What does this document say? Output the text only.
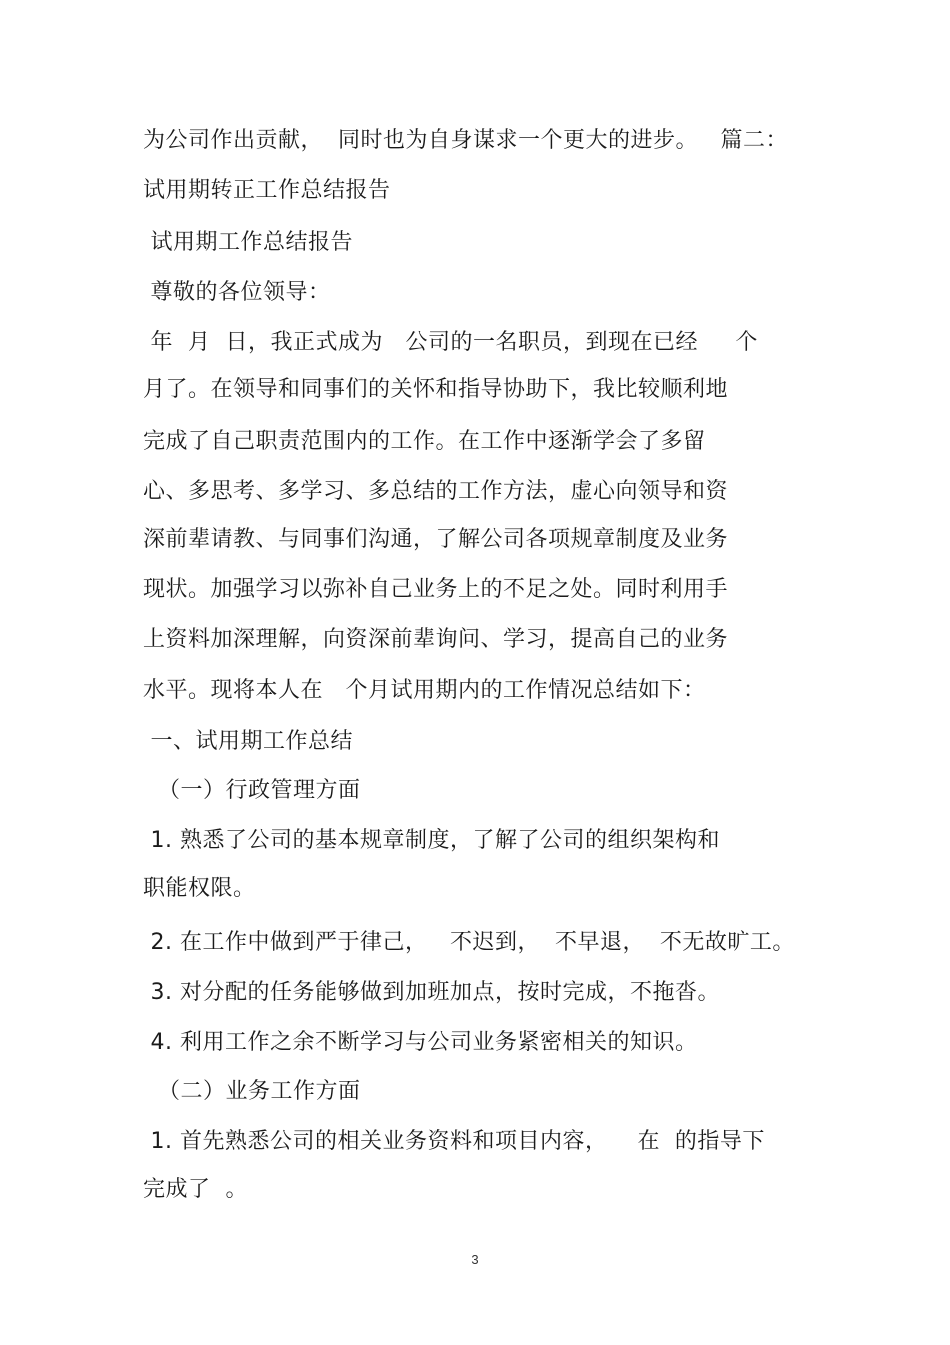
为公司作出贡献，  同时也为自身谋求一个更大的进步。   篇二：
试用期转正工作总结报告
试用期工作总结报告
尊敬的各位领导：
年  月  日，我正式成为   公司的一名职员，到现在已经     个
月了。在领导和同事们的关怀和指导协助下，我比较顺利地
完成了自己职责范围内的工作。在工作中逐渐学会了多留
心、多思考、多学习、多总结的工作方法，虚心向领导和资
深前辈请教、与同事们沟通，了解公司各项规章制度及业务
现状。加强学习以弥补自己业务上的不足之处。同时利用手
上资料加深理解，向资深前辈询问、学习，提高自己的业务
水平。现将本人在   个月试用期内的工作情况总结如下：
一、试用期工作总结
（一）行政管理方面
1. 熟悉了公司的基本规章制度，了解了公司的组织架构和
职能权限。
2. 在工作中做到严于律己，   不迟到，  不早退，  不无故旷工。
3. 对分配的任务能够做到加班加点，按时完成，不拖沓。
4. 利用工作之余不断学习与公司业务紧密相关的知识。
（二）业务工作方面
1. 首先熟悉公司的相关业务资料和项目内容，    在  的指导下
完成了  。
3
